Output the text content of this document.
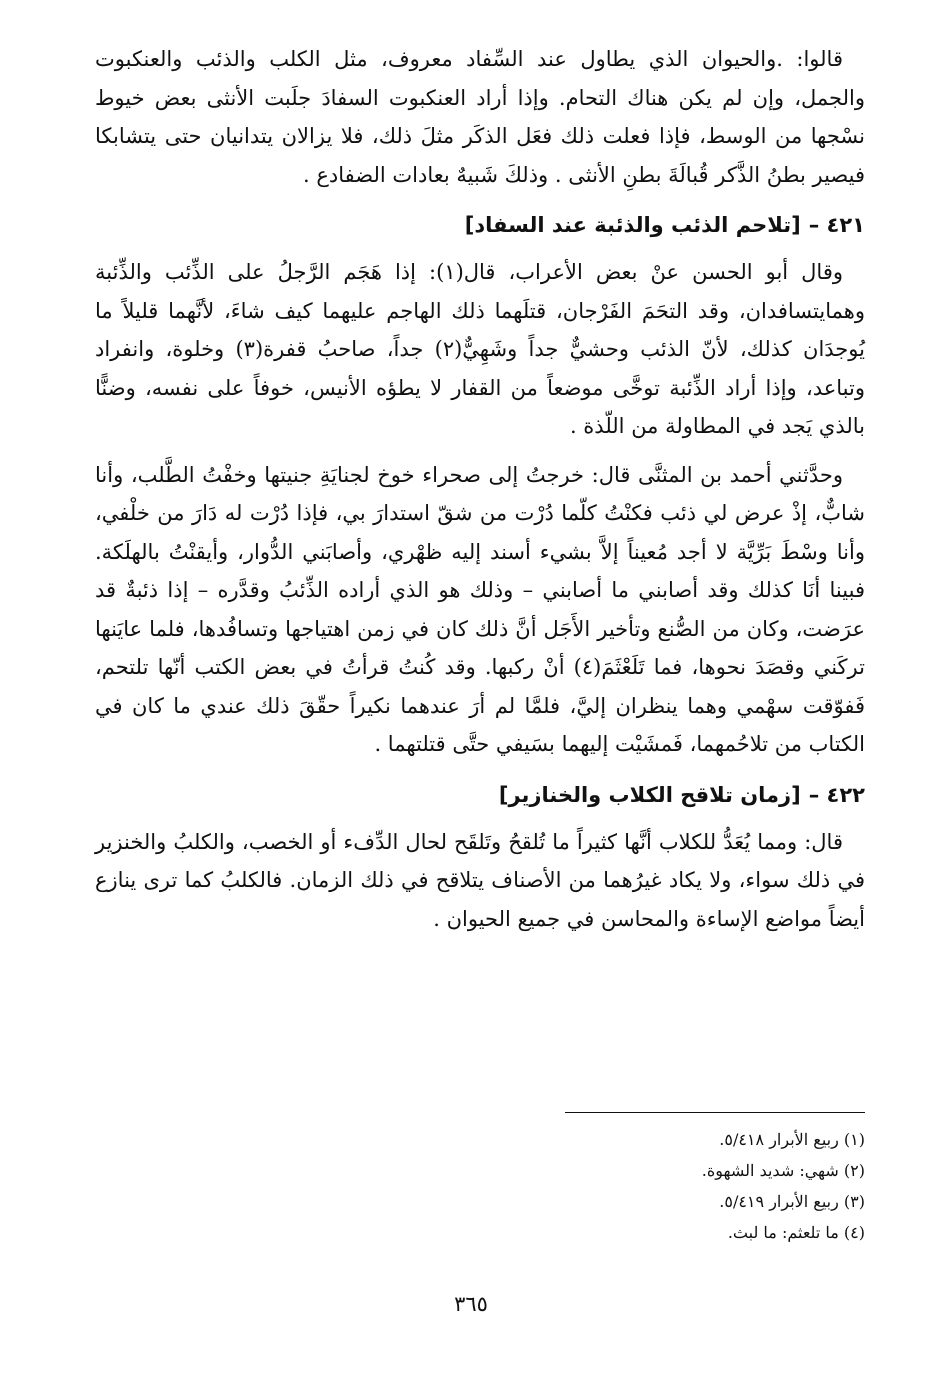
قالوا: .والحيوان الذي يطاول عند السِّفاد معروف، مثل الكلب والذئب والعنكبوت والجمل، وإن لم يكن هناك التحام. وإذا أراد العنكبوت السفادَ جلَبت الأنثى بعض خيوط نسْجها من الوسط، فإذا فعلت ذلك فعَل الذكَر مثلَ ذلك، فلا يزالان يتدانيان حتى يتشابكا فيصير بطنُ الذَّكر قُبالَةَ بطنِ الأنثى . وذلكَ شَبيهٌ بعادات الضفادع .

٤٢١ –[تلاحم الذئب والذئبة عند السفاد]

وقال أبو الحسن عنْ بعض الأعراب، قال(١): إذا هَجَم الرَّجلُ على الذِّئب والذِّئبة وهمايتسافدان، وقد التحَمَ الفَرْجان، قتلَهما ذلك الهاجم عليهما كيف شاءَ، لأنَّهما قليلاً ما يُوجدَان كذلك، لأنّ الذئب وحشيٌّ جداً وشَهِيٌّ(٢) جداً، صاحبُ قفرة(٣) وخلوة، وانفراد وتباعد، وإذا أراد الذِّئبة توخَّى موضعاً من القفار لا يطؤه الأنيس، خوفاً على نفسه، وضنًّا بالذي يَجد في المطاولة من اللّذة .

وحدَّثني أحمد بن المثنَّى قال: خرجتُ إلى صحراء خوخ لجنايَةِ جنيتها وخفْتُ الطَّلب، وأنا شابٌّ، إذْ عرض لي ذئب فكنْتُ كلّما دُرْت من شقّ استدارَ بي، فإذا دُرْت له دَارَ من خلْفي، وأنا وسْطَ بَرِّيَّة لا أجد مُعيناً إلاَّ بشيء أسند إليه ظهْري، وأصابَني الدُّوار، وأيقنْتُ بالهلَكة. فبينا أنَا كذلك وقد أصابني ما أصابني – وذلك هو الذي أراده الذِّئبُ وقدَّره – إذا ذئبةٌ قد عرَضت، وكان من الصُّنع وتأخير الأَجَل أنَّ ذلك كان في زمن اهتياجها وتسافُدها، فلما عايَنها تركَني وقصَدَ نحوها، فما تَلَعْثَمَ(٤) أنْ ركبها. وقد كُنتُ قرأتُ في بعض الكتب أنّها تلتحم، فَفوّقت سهْمي وهما ينظران إليَّ، فلمَّا لم أرَ عندهما نكيراً حقّقَ ذلك عندي ما كان في الكتاب من تلاحُمهما، فَمشَيْت إليهما بسَيفي حتَّى قتلتهما .

٤٢٢ –[زمان تلاقح الكلاب والخنازير]

قال: ومما يُعَدُّ للكلاب أنَّها كثيراً ما تُلقحُ وتَلقَح لحال الدِّفء أو الخصب، والكلبُ والخنزير في ذلك سواء، ولا يكاد غيرُهما من الأصناف يتلاقح في ذلك الزمان. فالكلبُ كما ترى ينازع أيضاً مواضع الإساءة والمحاسن في جميع الحيوان .

(١) ربيع الأبرار ٥/٤١٨.

(٢) شهي: شديد الشهوة.

(٣) ربيع الأبرار ٥/٤١٩.

(٤) ما تلعثم: ما لبث.

٣٦٥
